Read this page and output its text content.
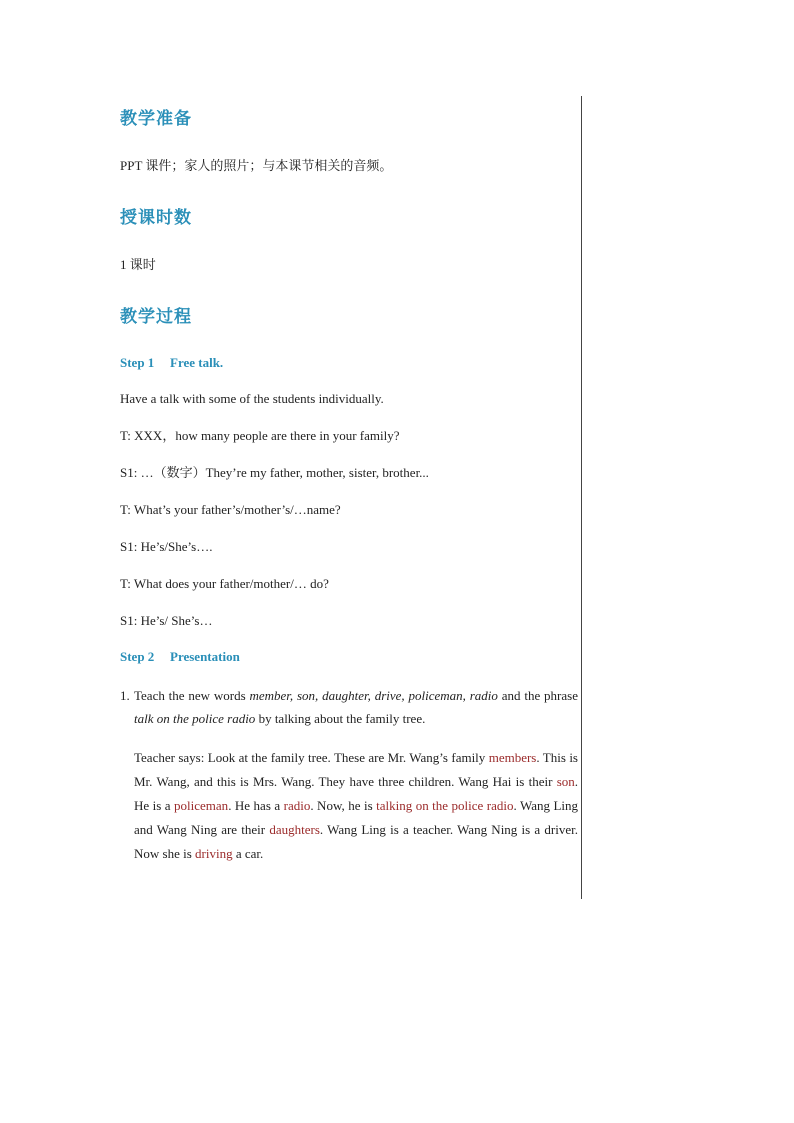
教学准备

PPT 课件；家人的照片；与本课节相关的音频。

授课时数

1 课时

教学过程

Step 1 Free talk.

Have a talk with some of the students individually.

T: XXX，how many people are there in your family?

S1: …（数字）They’re my father, mother, sister, brother...

T: What’s your father’s/mother’s/…name?

S1: He’s/She’s….

T: What does your father/mother/… do?

S1: He’s/ She’s…

Step 2 Presentation

1. Teach the new words member, son, daughter, drive, policeman, radio and the phrase talk on the police radio by talking about the family tree.

Teacher says: Look at the family tree. These are Mr. Wang’s family members. This is Mr. Wang, and this is Mrs. Wang. They have three children. Wang Hai is their son. He is a policeman. He has a radio. Now, he is talking on the police radio. Wang Ling and Wang Ning are their daughters. Wang Ling is a teacher. Wang Ning is a driver. Now she is driving a car.
